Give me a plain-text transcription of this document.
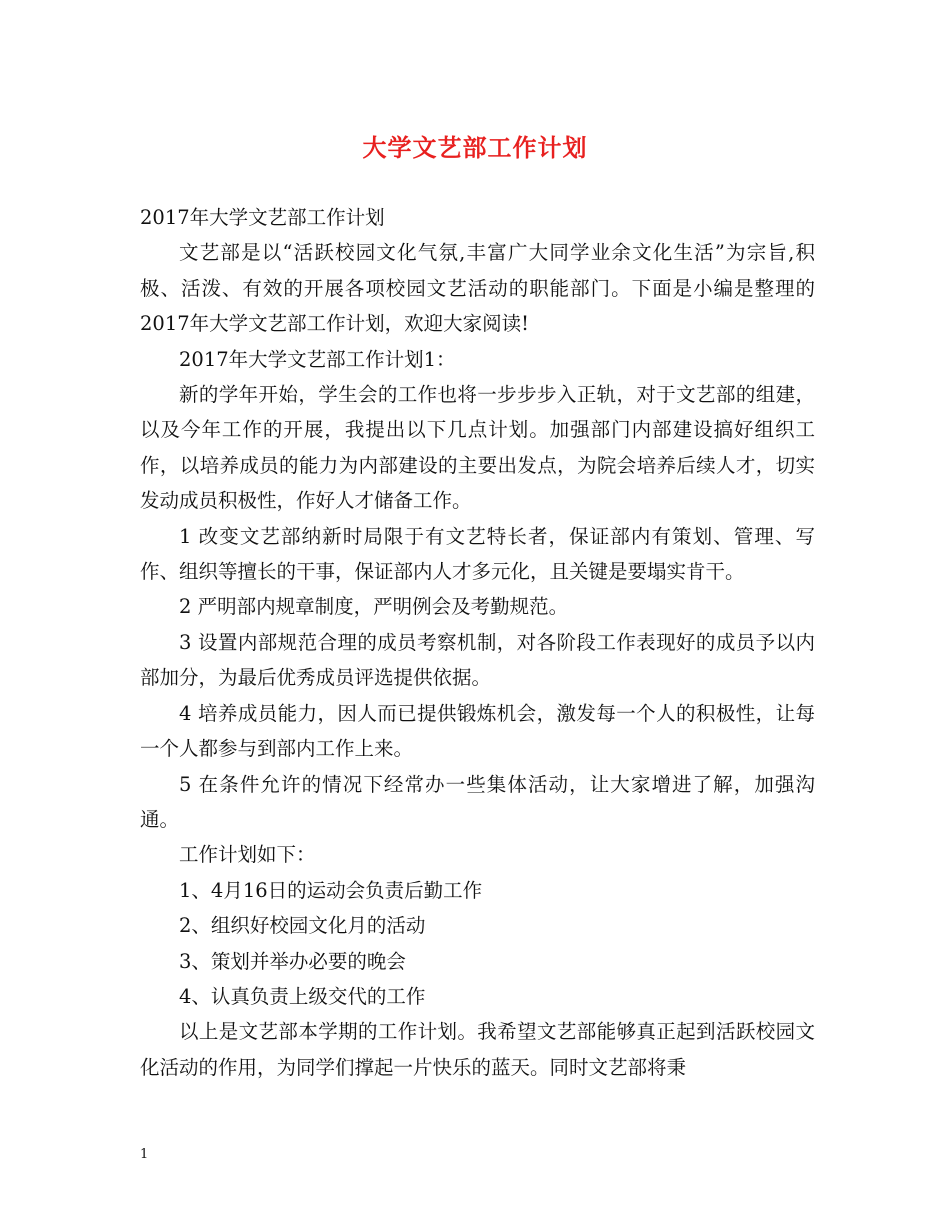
大学文艺部工作计划

2017年大学文艺部工作计划

文艺部是以“活跃校园文化气氛,丰富广大同学业余文化生活”为宗旨,积极、活泼、有效的开展各项校园文艺活动的职能部门。下面是小编是整理的2017年大学文艺部工作计划，欢迎大家阅读!

2017年大学文艺部工作计划1：

新的学年开始，学生会的工作也将一步步步入正轨，对于文艺部的组建，以及今年工作的开展，我提出以下几点计划。加强部门内部建设搞好组织工作，以培养成员的能力为内部建设的主要出发点，为院会培养后续人才，切实发动成员积极性，作好人才储备工作。

1 改变文艺部纳新时局限于有文艺特长者，保证部内有策划、管理、写作、组织等擅长的干事，保证部内人才多元化，且关键是要塌实肯干。

2 严明部内规章制度，严明例会及考勤规范。

3 设置内部规范合理的成员考察机制，对各阶段工作表现好的成员予以内部加分，为最后优秀成员评选提供依据。

4 培养成员能力，因人而已提供锻炼机会，激发每一个人的积极性，让每一个人都参与到部内工作上来。

5 在条件允许的情况下经常办一些集体活动，让大家增进了解，加强沟通。

工作计划如下：

1、4月16日的运动会负责后勤工作

2、组织好校园文化月的活动

3、策划并举办必要的晚会

4、认真负责上级交代的工作

以上是文艺部本学期的工作计划。我希望文艺部能够真正起到活跃校园文化活动的作用，为同学们撑起一片快乐的蓝天。同时文艺部将秉

1
